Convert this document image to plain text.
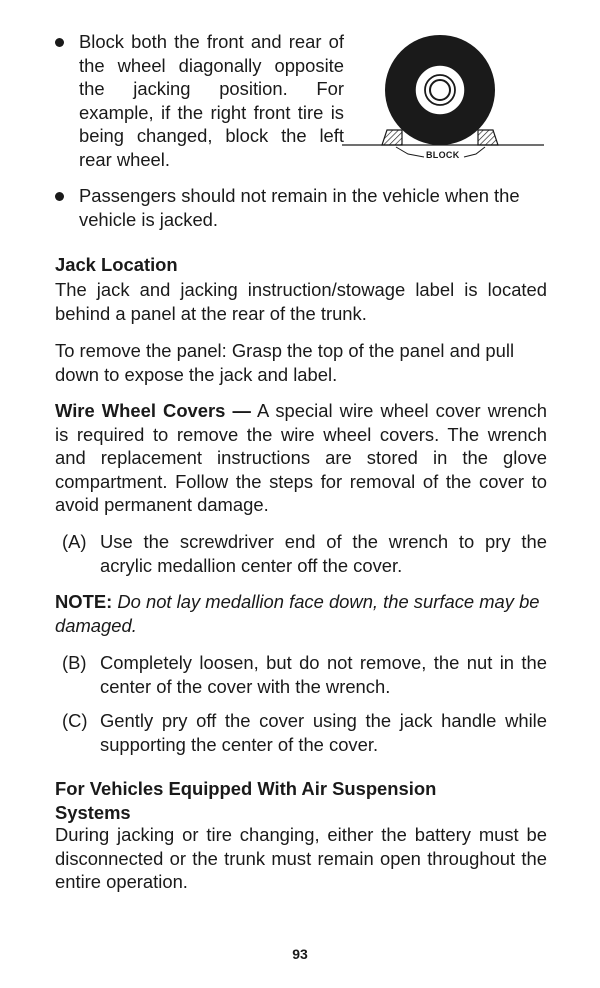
Block both the front and rear of the wheel diagonally opposite the jacking position. For example, if the right front tire is being changed, block the left rear wheel.	BLOCK
Passengers should not remain in the vehicle when the vehicle is jacked.
Jack Location
The jack and jacking instruction/stowage label is located behind a panel at the rear of the trunk.
To remove the panel: Grasp the top of the panel and pull down to expose the jack and label.
Wire Wheel Covers — A special wire wheel cover wrench is required to remove the wire wheel covers. The wrench and replacement instructions are stored in the glove compartment. Follow the steps for removal of the cover to avoid permanent damage.
(A) Use the screwdriver end of the wrench to pry the acrylic medallion center off the cover.
NOTE: Do not lay medallion face down, the surface may be damaged.
(B) Completely loosen, but do not remove, the nut in the center of the cover with the wrench.
(C) Gently pry off the cover using the jack handle while supporting the center of the cover.
For Vehicles Equipped With Air Suspension Systems
During jacking or tire changing, either the battery must be disconnected or the trunk must remain open throughout the entire operation.
93
